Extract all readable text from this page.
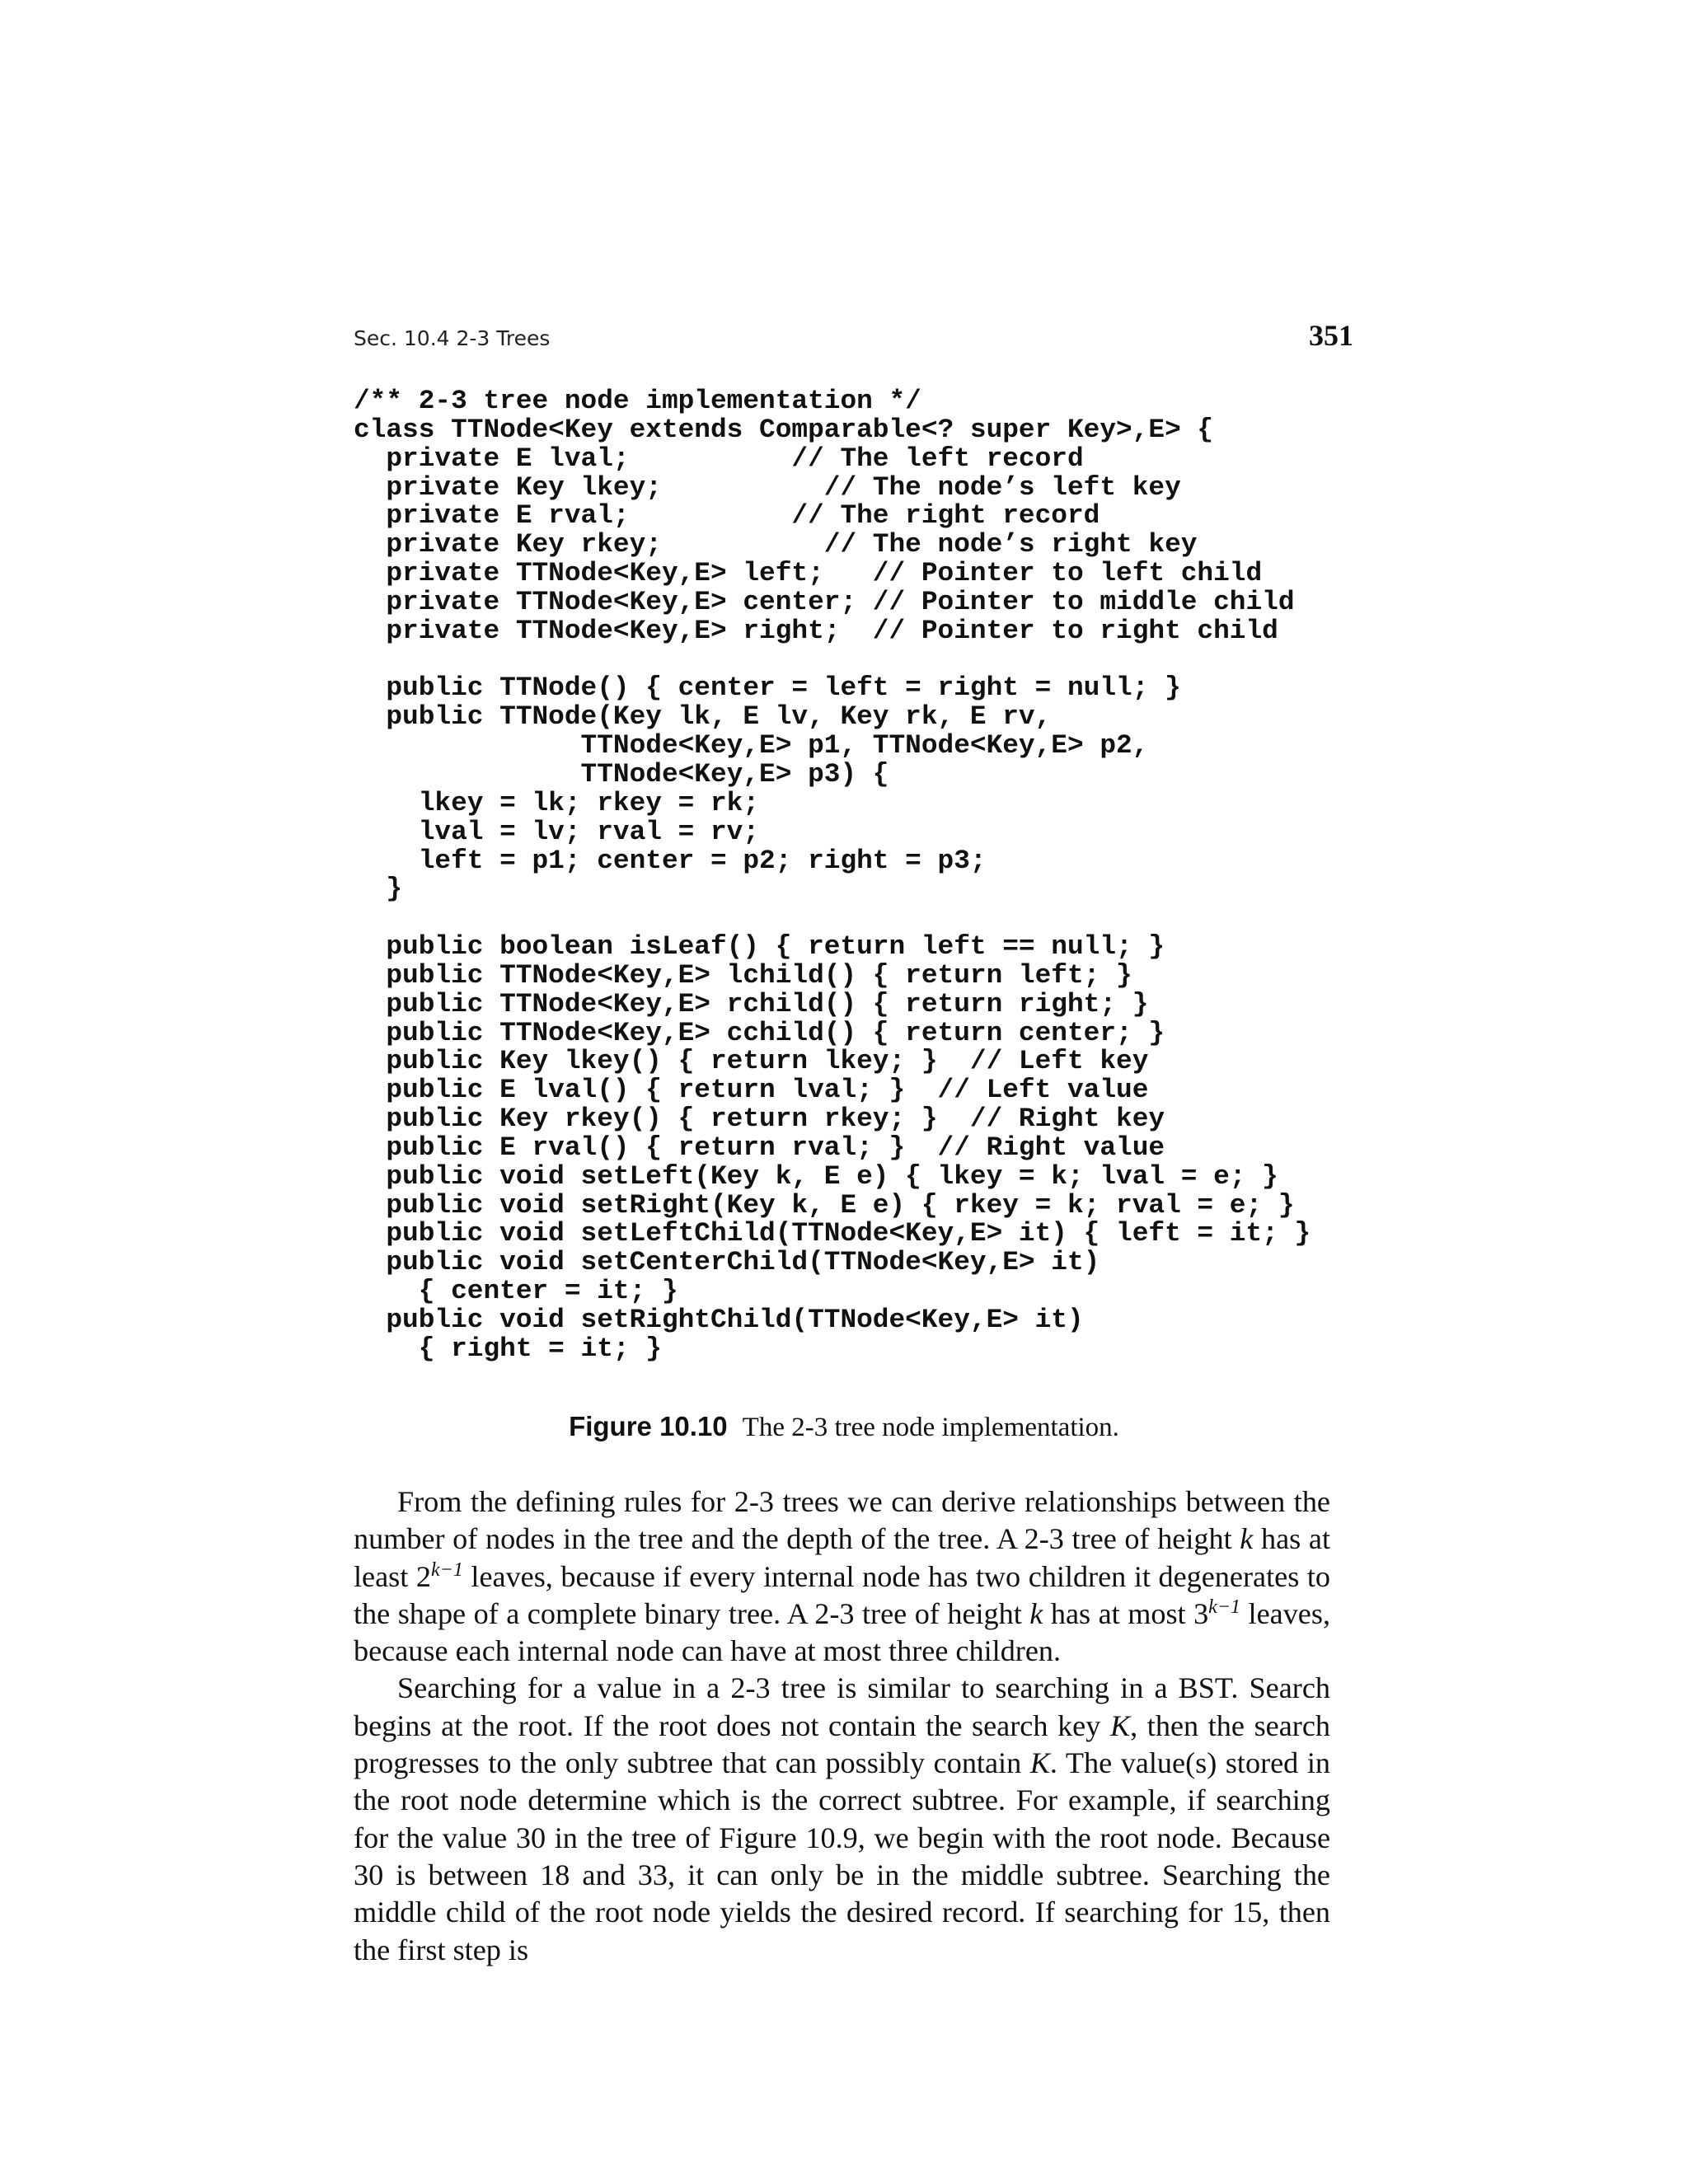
Sec. 10.4 2-3 Trees	351
/** 2-3 tree node implementation */
class TTNode<Key extends Comparable<? super Key>,E> {
private E lval;          // The left record
private Key lkey;          // The node’s left key
private E rval;          // The right record
private Key rkey;          // The node’s right key
private TTNode<Key,E> left;   // Pointer to left child
private TTNode<Key,E> center; // Pointer to middle child
private TTNode<Key,E> right;  // Pointer to right child
public TTNode() { center = left = right = null; }
public TTNode(Key lk, E lv, Key rk, E rv,
TTNode<Key,E> p1, TTNode<Key,E> p2,
TTNode<Key,E> p3) {
lkey = lk; rkey = rk;
lval = lv; rval = rv;
left = p1; center = p2; right = p3;
}
public boolean isLeaf() { return left == null; }
public TTNode<Key,E> lchild() { return left; }
public TTNode<Key,E> rchild() { return right; }
public TTNode<Key,E> cchild() { return center; }
public Key lkey() { return lkey; }  // Left key
public E lval() { return lval; }  // Left value
public Key rkey() { return rkey; }  // Right key
public E rval() { return rval; }  // Right value
public void setLeft(Key k, E e) { lkey = k; lval = e; }
public void setRight(Key k, E e) { rkey = k; rval = e; }
public void setLeftChild(TTNode<Key,E> it) { left = it; }
public void setCenterChild(TTNode<Key,E> it)
{ center = it; }
public void setRightChild(TTNode<Key,E> it)
{ right = it; }
Figure 10.10 The 2-3 tree node implementation.

From the defining rules for 2-3 trees we can derive relationships between the number of nodes in the tree and the depth of the tree. A 2-3 tree of height k has at least $2^{k-1}$ leaves, because if every internal node has two children it degenerates to the shape of a complete binary tree. A 2-3 tree of height k has at most $3^{k-1}$ leaves, because each internal node can have at most three children.

Searching for a value in a 2-3 tree is similar to searching in a BST. Search begins at the root. If the root does not contain the search key K, then the search progresses to the only subtree that can possibly contain K. The value(s) stored in the root node determine which is the correct subtree. For example, if searching for the value 30 in the tree of Figure 10.9, we begin with the root node. Because 30 is between 18 and 33, it can only be in the middle subtree. Searching the middle child of the root node yields the desired record. If searching for 15, then the first step is
